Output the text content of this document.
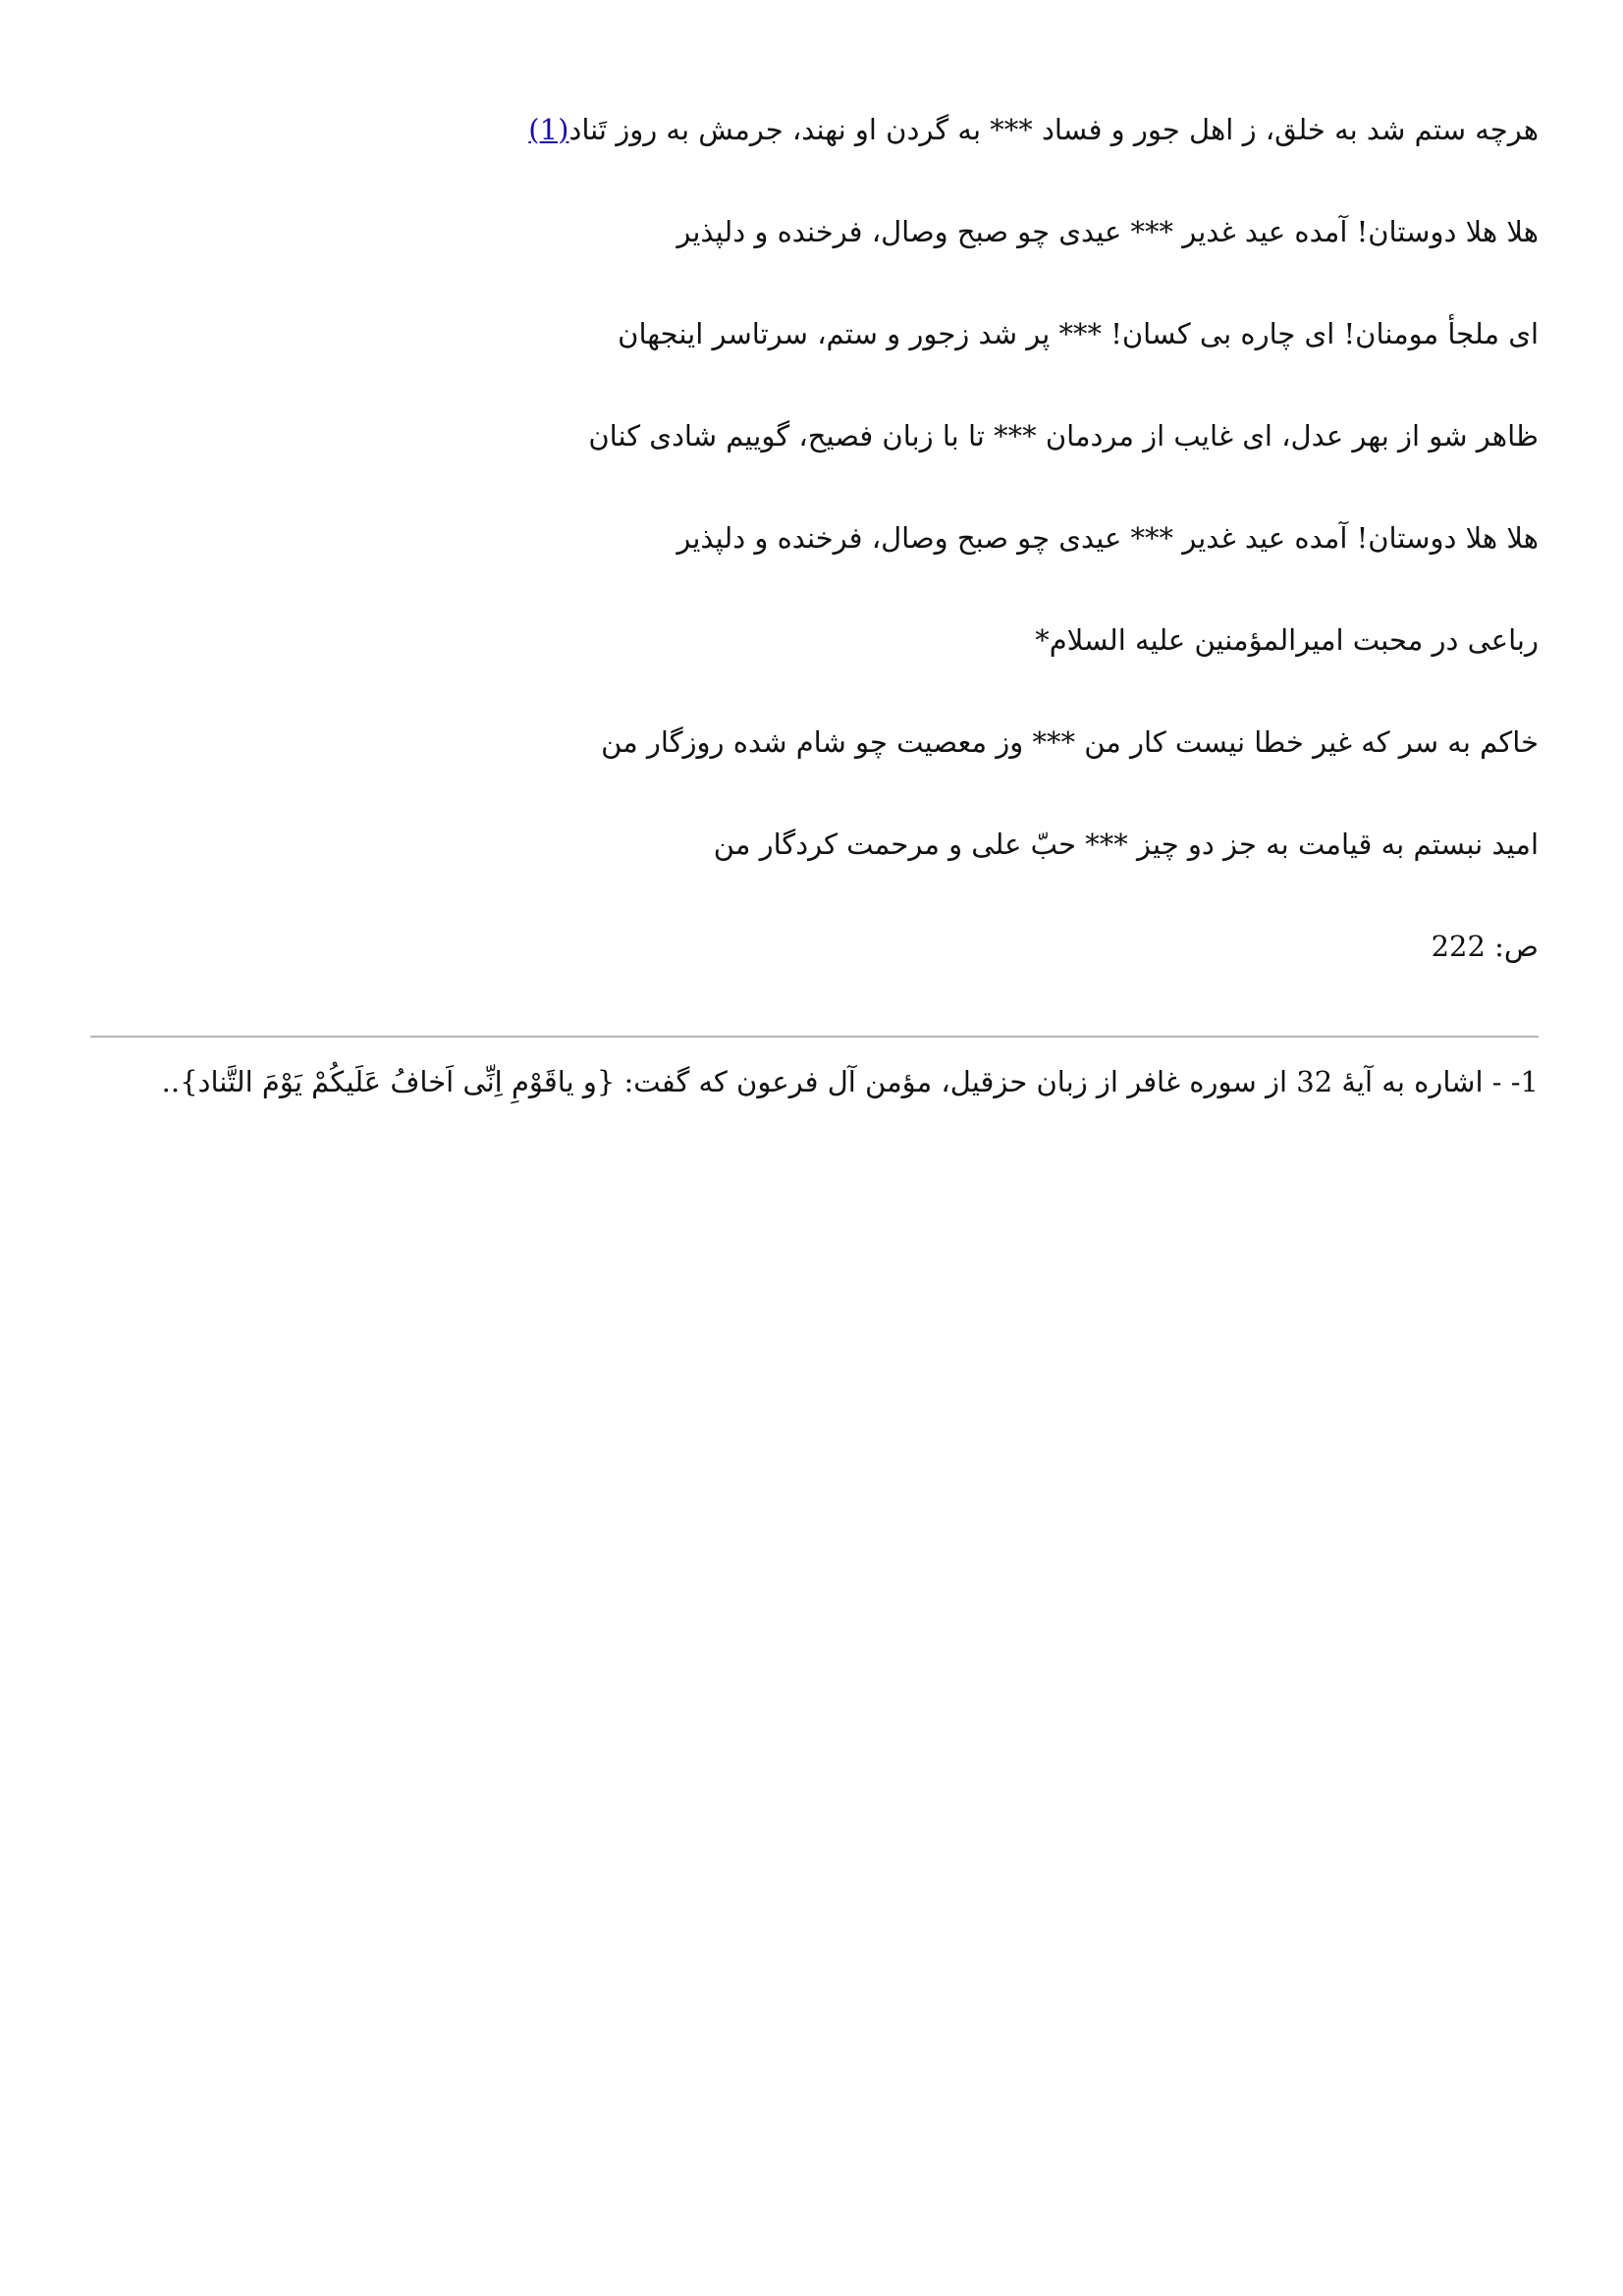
هرچه ستم شد به خلق، ز اهل جور و فساد *** به گردن او نهند، جرمش به روز تَناد(1)
هلا هلا دوستان! آمده عید غدیر *** عیدی چو صبح وصال، فرخنده و دلپذیر
ای ملجأ مومنان! ای چاره بی کسان! *** پر شد زجور و ستم، سرتاسر اینجهان
ظاهر شو از بهر عدل، ای غایب از مردمان *** تا با زبان فصیح، گوییم شادی کنان
هلا هلا دوستان! آمده عید غدیر *** عیدی چو صبح وصال، فرخنده و دلپذیر
رباعی در محبت امیرالمؤمنین علیه السلام*
خاکم به سر که غیر خطا نیست کار من *** وز معصیت چو شام شده روزگار من
امید نبستم به قیامت به جز دو چیز *** حبّ علی و مرحمت کردگار من
ص: 222
1- - اشاره به آیهٔ 32 از سوره غافر از زبان حزقیل، مؤمن آل فرعون که گفت: {و یاقَوْمِ اِنِّی اَخافُ عَلَیکُمْ یَوْمَ التَّناد}..
